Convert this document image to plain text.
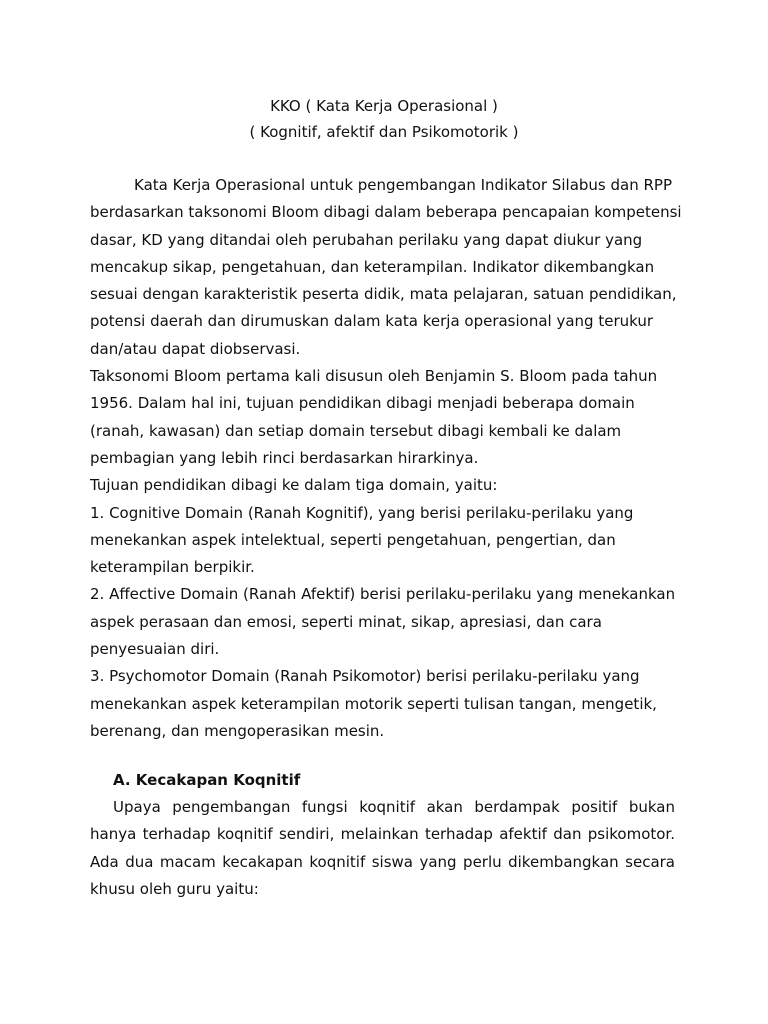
KKO ( Kata Kerja Operasional )
( Kognitif, afektif dan Psikomotorik )

Kata Kerja Operasional untuk pengembangan Indikator Silabus dan RPP berdasarkan taksonomi Bloom dibagi dalam beberapa pencapaian kompetensi dasar, KD yang ditandai oleh perubahan perilaku yang dapat diukur yang mencakup sikap, pengetahuan, dan keterampilan. Indikator dikembangkan sesuai dengan karakteristik peserta didik, mata pelajaran, satuan pendidikan, potensi daerah dan dirumuskan dalam kata kerja operasional yang terukur dan/atau dapat diobservasi.

Taksonomi Bloom pertama kali disusun oleh Benjamin S. Bloom pada tahun 1956. Dalam hal ini, tujuan pendidikan dibagi menjadi beberapa domain (ranah, kawasan) dan setiap domain tersebut dibagi kembali ke dalam pembagian yang lebih rinci berdasarkan hirarkinya.

Tujuan pendidikan dibagi ke dalam tiga domain, yaitu:

1. Cognitive Domain (Ranah Kognitif), yang berisi perilaku-perilaku yang menekankan aspek intelektual, seperti pengetahuan, pengertian, dan keterampilan berpikir.

2. Affective Domain (Ranah Afektif) berisi perilaku-perilaku yang menekankan aspek perasaan dan emosi, seperti minat, sikap, apresiasi, dan cara penyesuaian diri.

3. Psychomotor Domain (Ranah Psikomotor) berisi perilaku-perilaku yang menekankan aspek keterampilan motorik seperti tulisan tangan, mengetik, berenang, dan mengoperasikan mesin.

A. Kecakapan Koqnitif

Upaya pengembangan fungsi koqnitif akan berdampak positif bukan hanya terhadap koqnitif sendiri, melainkan terhadap afektif dan psikomotor. Ada dua macam kecakapan koqnitif siswa yang perlu dikembangkan secara khusu oleh guru yaitu:
